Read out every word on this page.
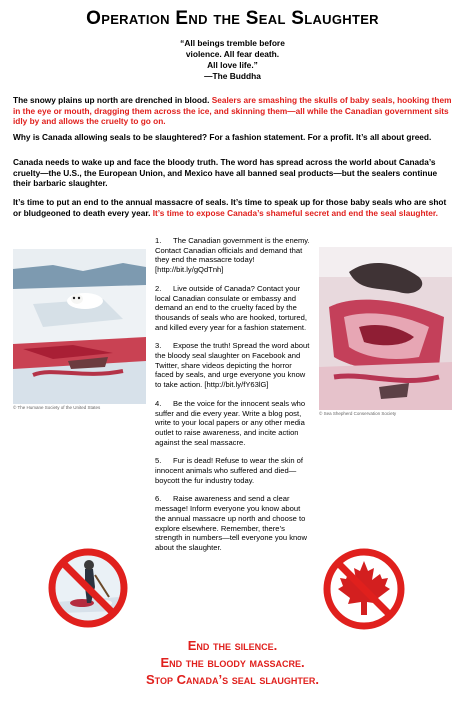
Operation End the Seal Slaughter
“All beings tremble before
violence. All fear death.
All love life.”
—The Buddha
The snowy plains up north are drenched in blood. Sealers are smashing the skulls of baby seals, hooking them in the eye or mouth, dragging them across the ice, and skinning them—all while the Canadian government sits idly by and allows the cruelty to go on.
Why is Canada allowing seals to be slaughtered? For a fashion statement. For a profit. It’s all about greed.
Canada needs to wake up and face the bloody truth. The word has spread across the world about Canada’s cruelty—the U.S., the European Union, and Mexico have all banned seal products—but the sealers continue their barbaric slaughter.
It’s time to put an end to the annual massacre of seals. It’s time to speak up for those baby seals who are shot or bludgeoned to death every year. It’s time to expose Canada’s shameful secret and end the seal slaughter.
© The Humane Society of the United States
© Sea Shepherd Conservation Society
1. The Canadian government is the enemy. Contact Canadian officials and demand that they end the massacre today! [http://bit.ly/gQdTnh]
2. Live outside of Canada? Contact your local Canadian consulate or embassy and demand an end to the cruelty faced by the thousands of seals who are hooked, tortured, and killed every year for a fashion statement.
3. Expose the truth! Spread the word about the bloody seal slaughter on Facebook and Twitter, share videos depicting the horror faced by seals, and urge everyone you know to take action. [http://bit.ly/fY63lG]
4. Be the voice for the innocent seals who suffer and die every year. Write a blog post, write to your local papers or any other media outlet to raise awareness, and incite action against the seal massacre.
5. Fur is dead! Refuse to wear the skin of innocent animals who suffered and died—boycott the fur industry today.
6. Raise awareness and send a clear message! Inform everyone you know about the annual massacre up north and choose to explore elsewhere. Remember, there’s strength in numbers—tell everyone you know about the slaughter.
End the silence.
End the bloody massacre.
Stop Canada’s seal slaughter.
